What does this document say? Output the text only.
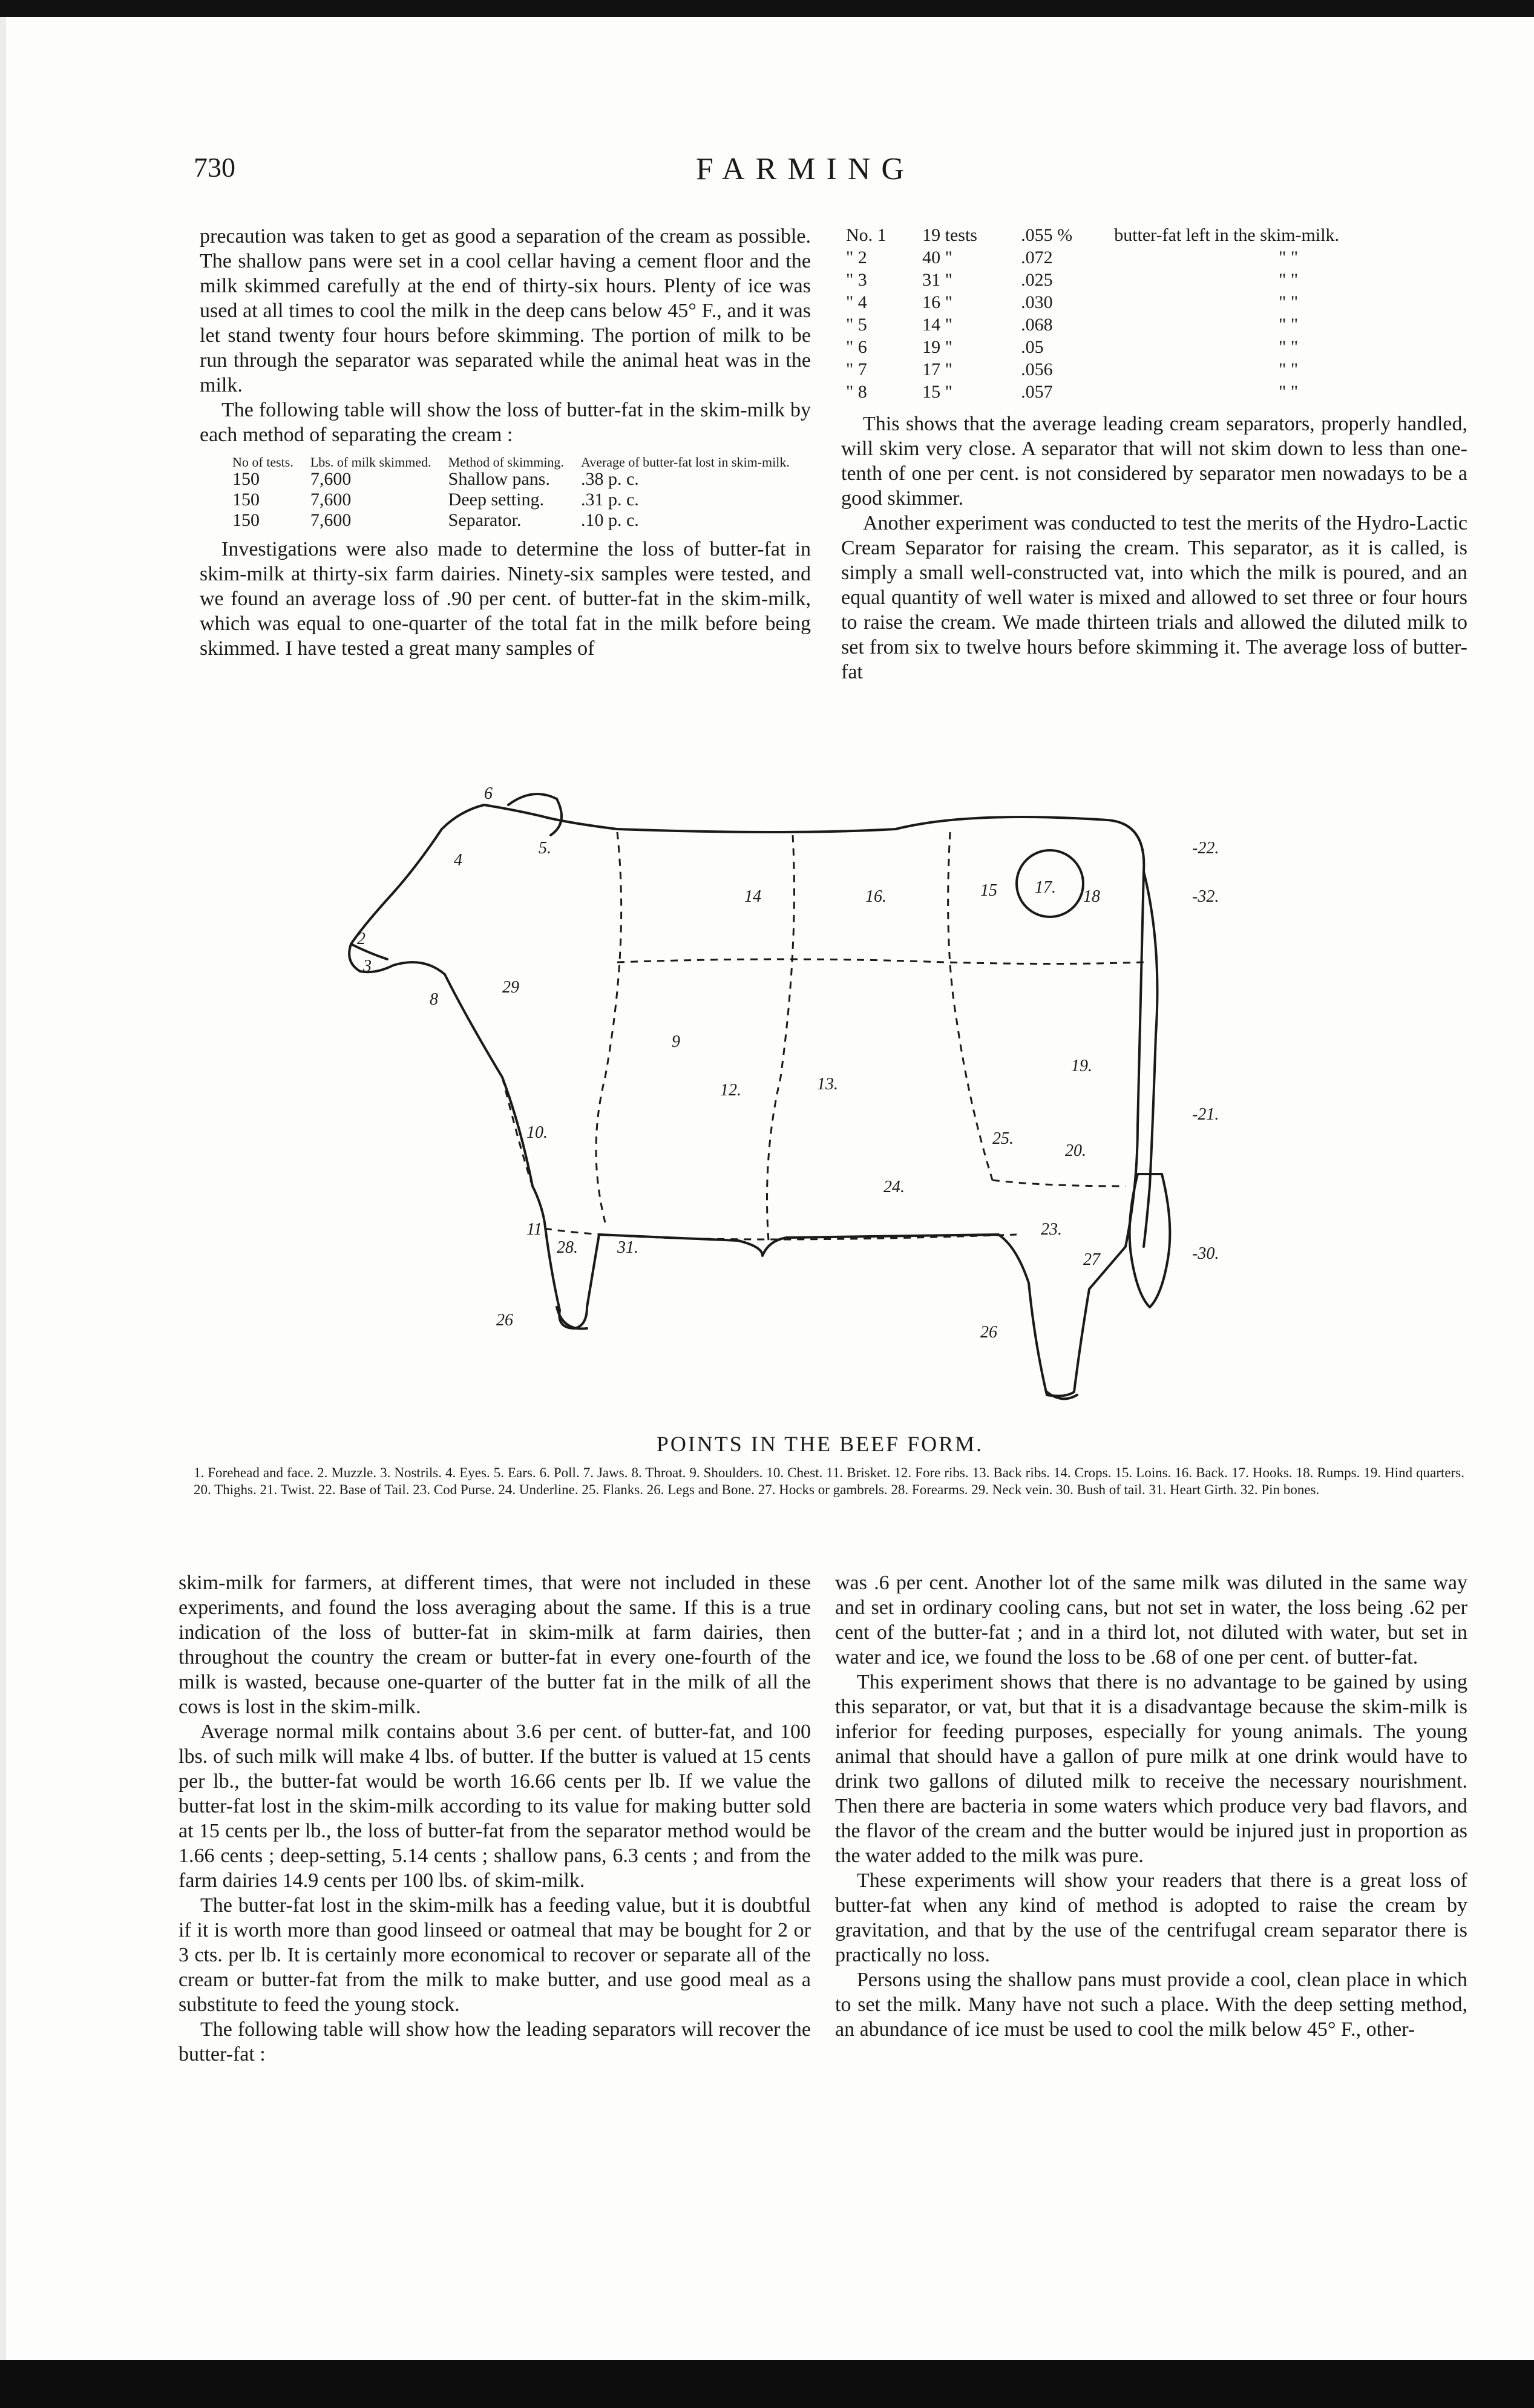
730	FARMING

precaution was taken to get as good a separation of the cream as possible. The shallow pans were set in a cool cellar having a cement floor and the milk skimmed carefully at the end of thirty-six hours. Plenty of ice was used at all times to cool the milk in the deep cans below 45° F., and it was let stand twenty four hours before skimming. The portion of milk to be run through the separator was separated while the animal heat was in the milk.

The following table will show the loss of butter-fat in the skim-milk by each method of separating the cream :

No of tests.	Lbs. of milk skimmed.	Method of skimming.	Average of butter-fat lost in skim-milk.
150	7,600	Shallow pans.	.38 p. c.
150	7,600	Deep setting.	.31 p. c.
150	7,600	Separator.	.10 p. c.

Investigations were also made to determine the loss of butter-fat in skim-milk at thirty-six farm dairies. Ninety-six samples were tested, and we found an average loss of .90 per cent. of butter-fat in the skim-milk, which was equal to one-quarter of the total fat in the milk before being skimmed. I have tested a great many samples of

No. 1	19 tests	.055 %	butter-fat left in the skim-milk.
" 2	40 "	.072	" "
" 3	31 "	.025	" "
" 4	16 "	.030	" "
" 5	14 "	.068	" "
" 6	19 "	.05	" "
" 7	17 "	.056	" "
" 8	15 "	.057	" "

This shows that the average leading cream separators, properly handled, will skim very close. A separator that will not skim down to less than one-tenth of one per cent. is not considered by separator men nowadays to be a good skimmer.

Another experiment was conducted to test the merits of the Hydro-Lactic Cream Separator for raising the cream. This separator, as it is called, is simply a small well-constructed vat, into which the milk is poured, and an equal quantity of well water is mixed and allowed to set three or four hours to raise the cream. We made thirteen trials and allowed the diluted milk to set from six to twelve hours before skimming it. The average loss of butter-fat

6
4
2
3
5.
29
8
9
10.
11
28. 31.
26
12.	13.
14	16.	15 17. 18
19.
20.
25.
24.
23.
27
26
-22.
-32.
-21.
-30.
POINTS IN THE BEEF FORM.
1. Forehead and face. 2. Muzzle. 3. Nostrils. 4. Eyes. 5. Ears. 6. Poll. 7. Jaws. 8. Throat. 9. Shoulders. 10. Chest. 11. Brisket. 12. Fore ribs. 13. Back ribs. 14. Crops. 15. Loins. 16. Back. 17. Hooks. 18. Rumps. 19. Hind quarters. 20. Thighs. 21. Twist. 22. Base of Tail. 23. Cod Purse. 24. Underline. 25. Flanks. 26. Legs and Bone. 27. Hocks or gambrels. 28. Forearms. 29. Neck vein. 30. Bush of tail. 31. Heart Girth. 32. Pin bones.

skim-milk for farmers, at different times, that were not included in these experiments, and found the loss averaging about the same. If this is a true indication of the loss of butter-fat in skim-milk at farm dairies, then throughout the country the cream or butter-fat in every one-fourth of the milk is wasted, because one-quarter of the butter fat in the milk of all the cows is lost in the skim-milk.

Average normal milk contains about 3.6 per cent. of butter-fat, and 100 lbs. of such milk will make 4 lbs. of butter. If the butter is valued at 15 cents per lb., the butter-fat would be worth 16.66 cents per lb. If we value the butter-fat lost in the skim-milk according to its value for making butter sold at 15 cents per lb., the loss of butter-fat from the separator method would be 1.66 cents ; deep-setting, 5.14 cents ; shallow pans, 6.3 cents ; and from the farm dairies 14.9 cents per 100 lbs. of skim-milk.

The butter-fat lost in the skim-milk has a feeding value, but it is doubtful if it is worth more than good linseed or oatmeal that may be bought for 2 or 3 cts. per lb. It is certainly more economical to recover or separate all of the cream or butter-fat from the milk to make butter, and use good meal as a substitute to feed the young stock.

The following table will show how the leading separators will recover the butter-fat :

was .6 per cent. Another lot of the same milk was diluted in the same way and set in ordinary cooling cans, but not set in water, the loss being .62 per cent of the butter-fat ; and in a third lot, not diluted with water, but set in water and ice, we found the loss to be .68 of one per cent. of butter-fat.

This experiment shows that there is no advantage to be gained by using this separator, or vat, but that it is a disadvantage because the skim-milk is inferior for feeding purposes, especially for young animals. The young animal that should have a gallon of pure milk at one drink would have to drink two gallons of diluted milk to receive the necessary nourishment. Then there are bacteria in some waters which produce very bad flavors, and the flavor of the cream and the butter would be injured just in proportion as the water added to the milk was pure.

These experiments will show your readers that there is a great loss of butter-fat when any kind of method is adopted to raise the cream by gravitation, and that by the use of the centrifugal cream separator there is practically no loss.

Persons using the shallow pans must provide a cool, clean place in which to set the milk. Many have not such a place. With the deep setting method, an abundance of ice must be used to cool the milk below 45° F., other-
